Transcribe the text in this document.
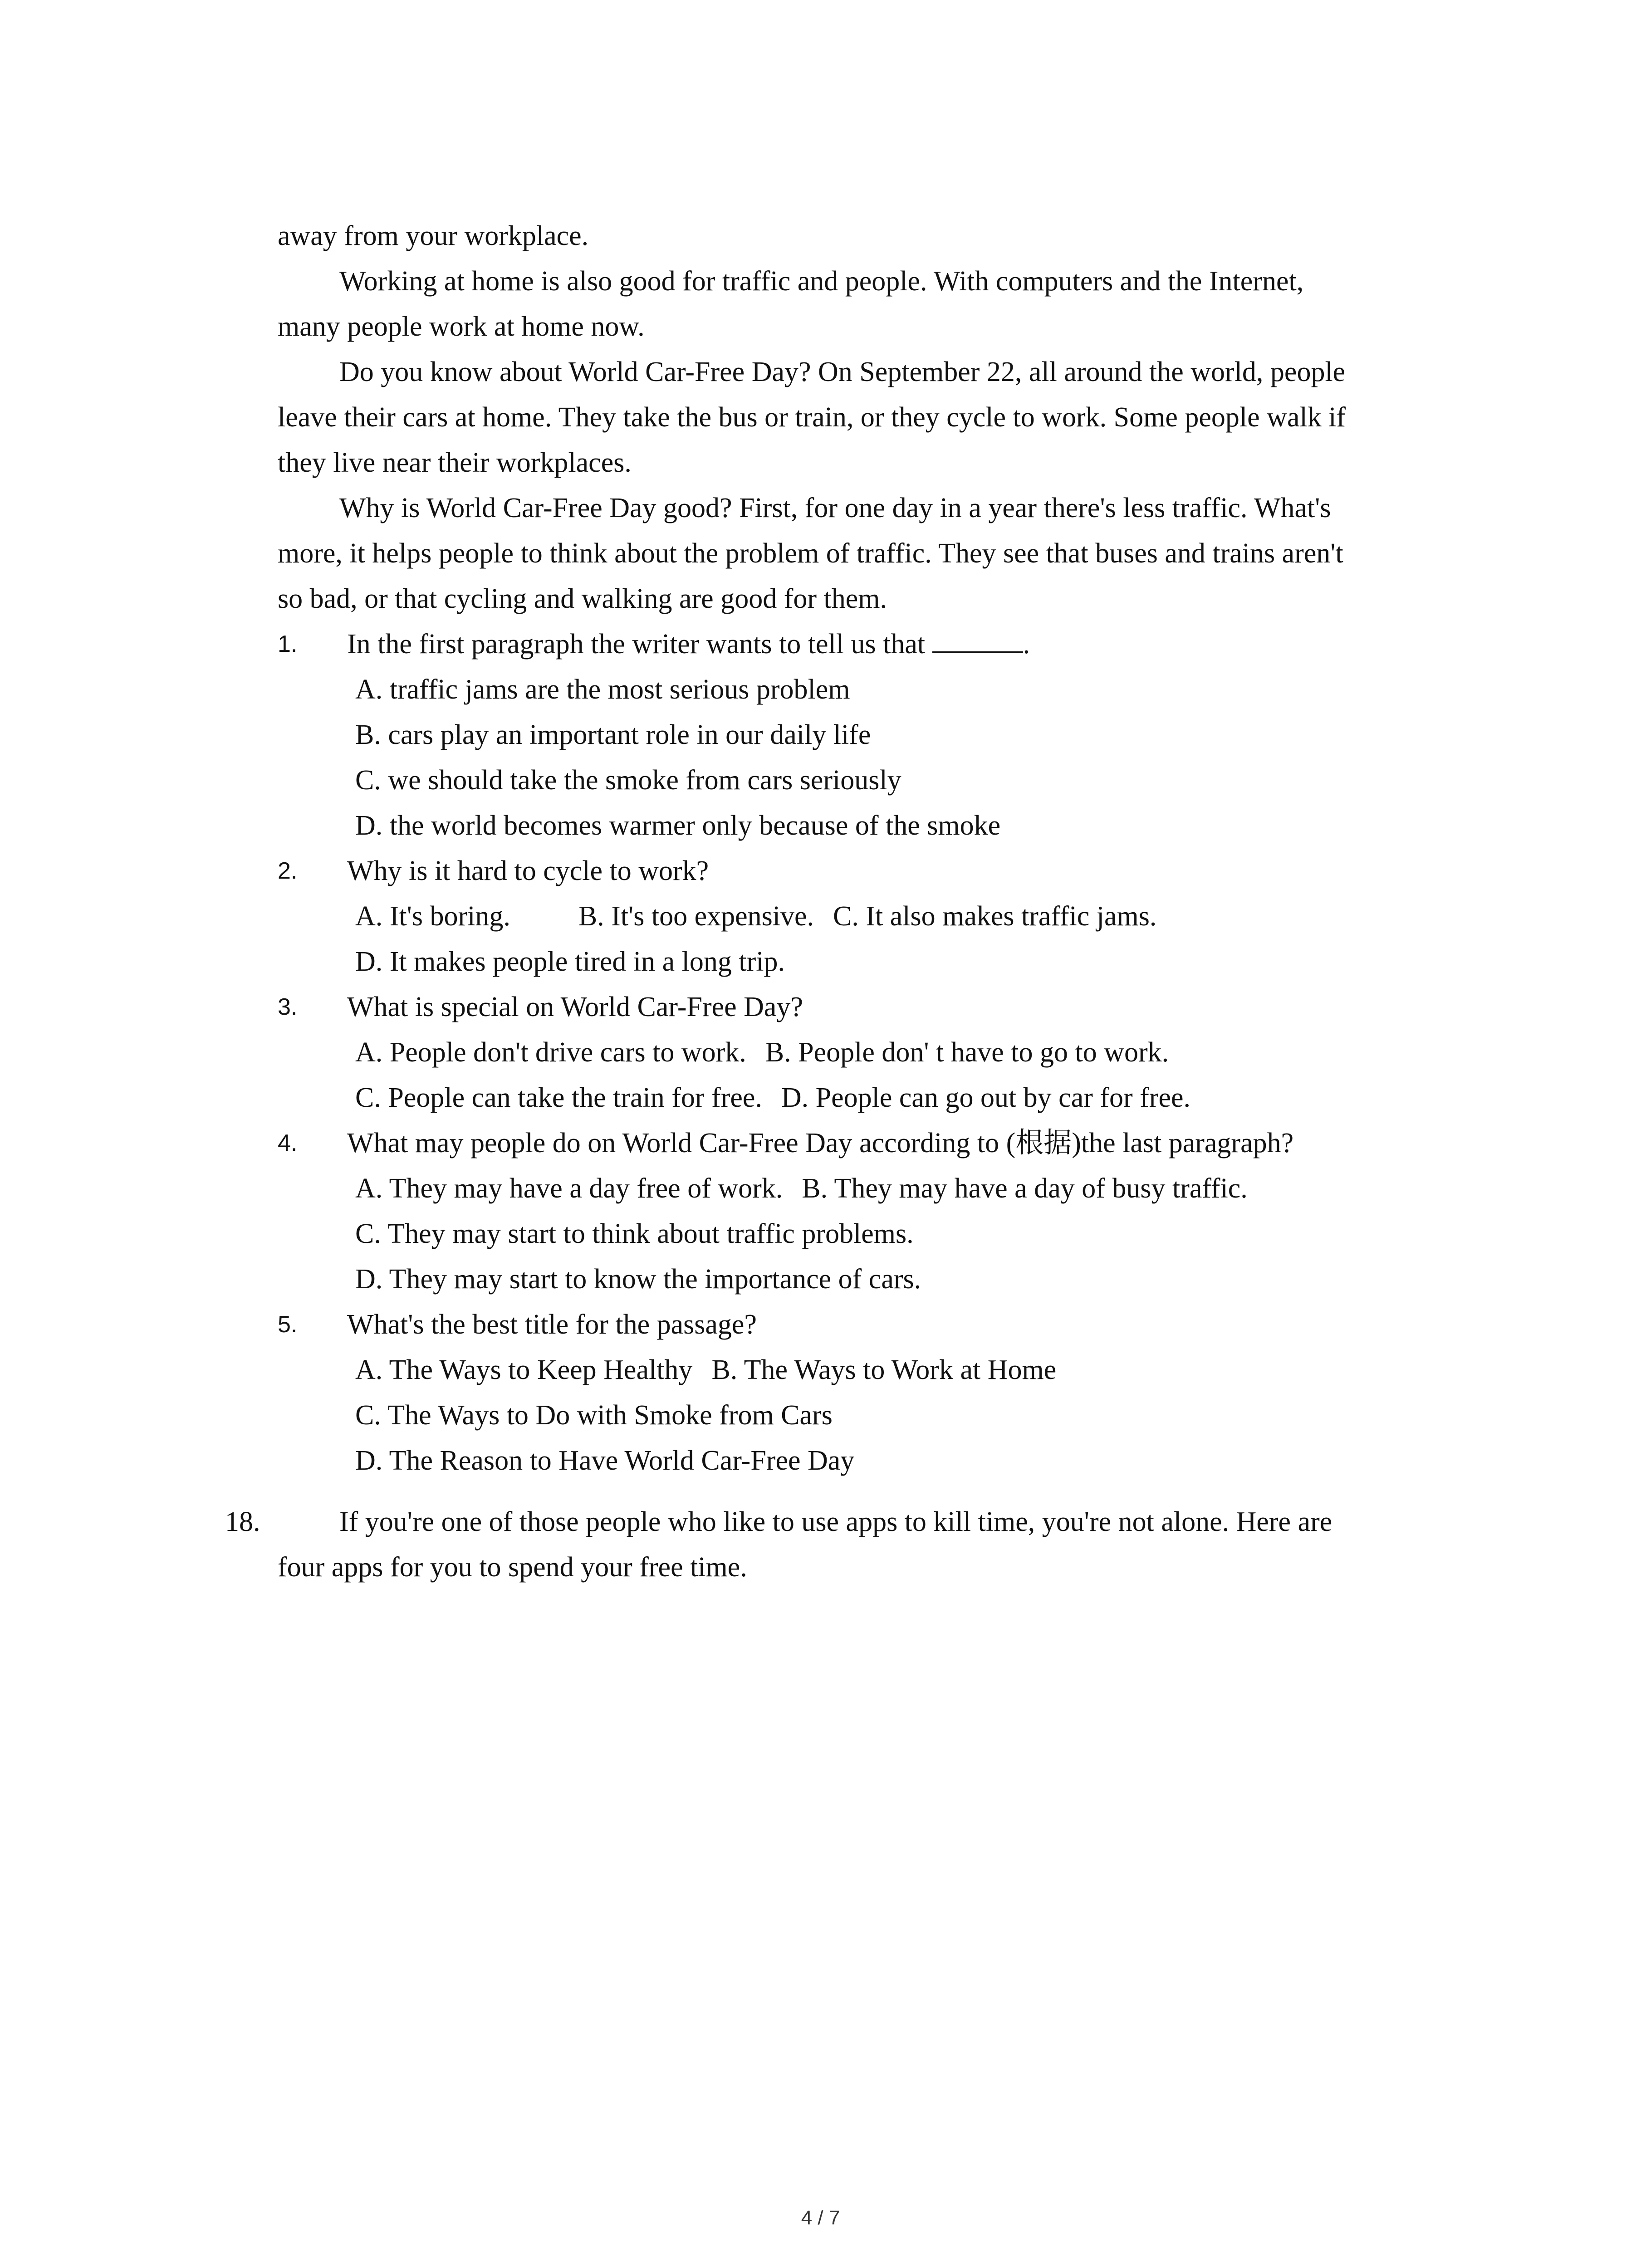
away from your workplace.
Working at home is also good for traffic and people. With computers and the Internet,
many people work at home now.
Do you know about World Car-Free Day? On September 22, all around the world, people
leave their cars at home. They take the bus or train, or they cycle to work. Some people walk if
they live near their workplaces.
Why is World Car-Free Day good? First, for one day in a year there's less traffic. What's
more, it helps people to think about the problem of traffic. They see that buses and trains aren't
so bad, or that cycling and walking are good for them.
1. In the first paragraph the writer wants to tell us that	.
A. traffic jams are the most serious problem
B. cars play an important role in our daily life
C. we should take the smoke from cars seriously
D. the world becomes warmer only because of the smoke
2. Why is it hard to cycle to work?
A. It's boring. B. It's too expensive. C. It also makes traffic jams.
D. It makes people tired in a long trip.
3. What is special on World Car-Free Day?
A. People don't drive cars to work. B. People don' t have to go to work.
C. People can take the train for free. D. People can go out by car for free.
4. What may people do on World Car-Free Day according to (根据)the last paragraph?
A. They may have a day free of work. B. They may have a day of busy traffic.
C. They may start to think about traffic problems.
D. They may start to know the importance of cars.
5. What's the best title for the passage?
A. The Ways to Keep Healthy B. The Ways to Work at Home
C. The Ways to Do with Smoke from Cars
D. The Reason to Have World Car-Free Day
18.	If you're one of those people who like to use apps to kill time, you're not alone. Here are
four apps for you to spend your free time.
4 / 7
